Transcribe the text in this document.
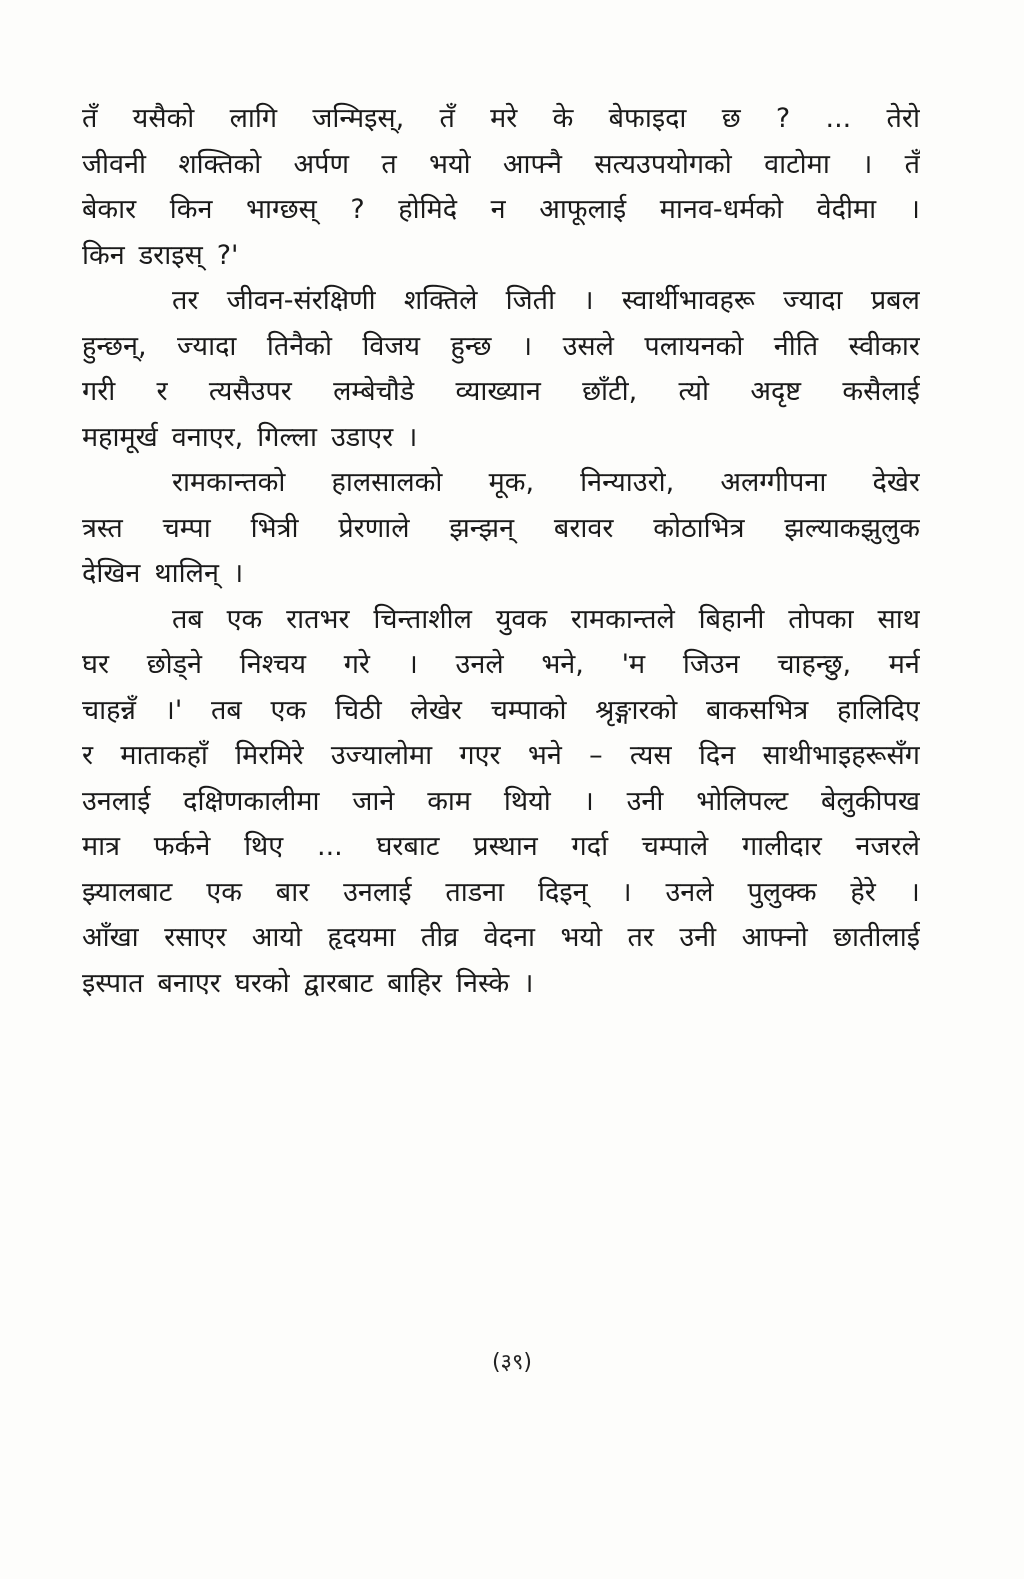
तँ यसैको लागि जन्मिइस्, तँ मरे के बेफाइदा छ ? ... तेरो
जीवनी शक्तिको अर्पण त भयो आफ्नै सत्यउपयोगको वाटोमा । तँ
बेकार किन भाग्छस् ? होमिदे न आफूलाई मानव-धर्मको वेदीमा ।
किन डराइस् ?'
तर जीवन-संरक्षिणी शक्तिले जिती । स्वार्थीभावहरू ज्यादा प्रबल
हुन्छन्, ज्यादा तिनैको विजय हुन्छ । उसले पलायनको नीति स्वीकार
गरी र त्यसैउपर लम्बेचौडे व्याख्यान छाँटी, त्यो अदृष्ट कसैलाई
महामूर्ख वनाएर, गिल्ला उडाएर ।
रामकान्तको हालसालको मूक, निन्याउरो, अलग्गीपना देखेर
त्रस्त चम्पा भित्री प्रेरणाले झन्झन् बरावर कोठाभित्र झल्याकझुलुक
देखिन थालिन् ।
तब एक रातभर चिन्ताशील युवक रामकान्तले बिहानी तोपका साथ
घर छोड्ने निश्चय गरे । उनले भने, 'म जिउन चाहन्छु, मर्न
चाहन्नँ ।' तब एक चिठी लेखेर चम्पाको श्रृङ्गारको बाकसभित्र हालिदिए
र माताकहाँ मिरमिरे उज्यालोमा गएर भने – त्यस दिन साथीभाइहरूसँग
उनलाई दक्षिणकालीमा जाने काम थियो । उनी भोलिपल्ट बेलुकीपख
मात्र फर्कने थिए ... घरबाट प्रस्थान गर्दा चम्पाले गालीदार नजरले
झ्यालबाट एक बार उनलाई ताडना दिइन् । उनले पुलुक्क हेरे ।
आँखा रसाएर आयो हृदयमा तीव्र वेदना भयो तर उनी आफ्नो छातीलाई
इस्पात बनाएर घरको द्वारबाट बाहिर निस्के ।
(३९)
